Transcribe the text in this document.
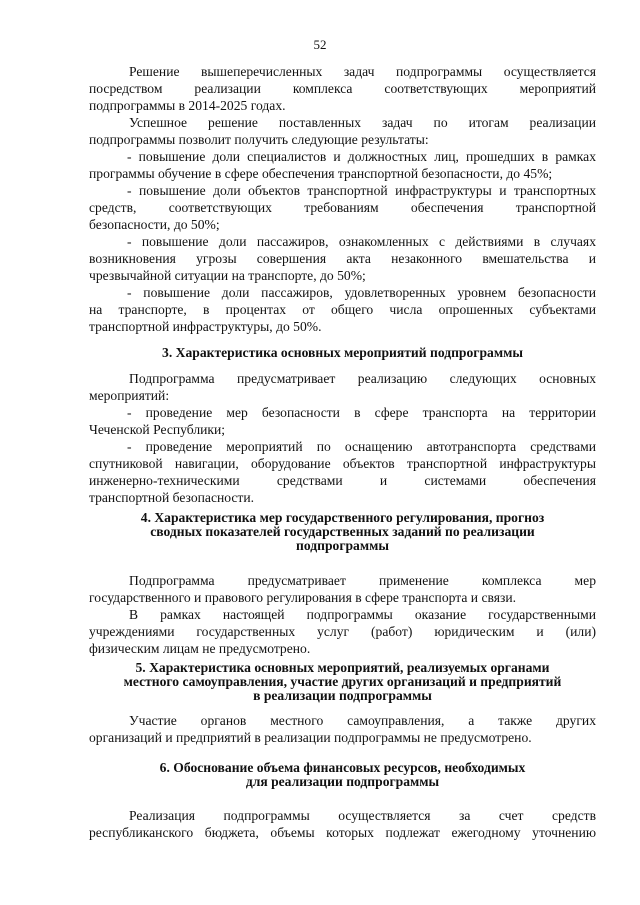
52
Решение вышеперечисленных задач подпрограммы осуществляется
посредством реализации комплекса соответствующих мероприятий
подпрограммы в 2014-2025 годах.
Успешное решение поставленных задач по итогам реализации
подпрограммы позволит получить следующие результаты:
- повышение доли специалистов и должностных лиц, прошедших в рамках
программы обучение в сфере обеспечения транспортной безопасности, до 45%;
- повышение доли объектов транспортной инфраструктуры и транспортных
средств, соответствующих требованиям обеспечения транспортной
безопасности, до 50%;
- повышение доли пассажиров, ознакомленных с действиями в случаях
возникновения угрозы совершения акта незаконного вмешательства и
чрезвычайной ситуации на транспорте, до 50%;
- повышение доли пассажиров, удовлетворенных уровнем безопасности
на транспорте, в процентах от общего числа опрошенных субъектами
транспортной инфраструктуры, до 50%.
3. Характеристика основных мероприятий подпрограммы
Подпрограмма предусматривает реализацию следующих основных
мероприятий:
- проведение мер безопасности в сфере транспорта на территории
Чеченской Республики;
- проведение мероприятий по оснащению автотранспорта средствами
спутниковой навигации, оборудование объектов транспортной инфраструктуры
инженерно-техническими средствами и системами обеспечения
транспортной безопасности.
4. Характеристика мер государственного регулирования, прогноз
сводных показателей государственных заданий по реализации
подпрограммы
Подпрограмма предусматривает применение комплекса мер
государственного и правового регулирования в сфере транспорта и связи.
В рамках настоящей подпрограммы оказание государственными
учреждениями государственных услуг (работ) юридическим и (или)
физическим лицам не предусмотрено.
5. Характеристика основных мероприятий, реализуемых органами
местного самоуправления, участие других организаций и предприятий
в реализации подпрограммы
Участие органов местного самоуправления, а также других
организаций и предприятий в реализации подпрограммы не предусмотрено.
6. Обоснование объема финансовых ресурсов, необходимых
для реализации подпрограммы
Реализация подпрограммы осуществляется за счет средств
республиканского бюджета, объемы которых подлежат ежегодному уточнению
